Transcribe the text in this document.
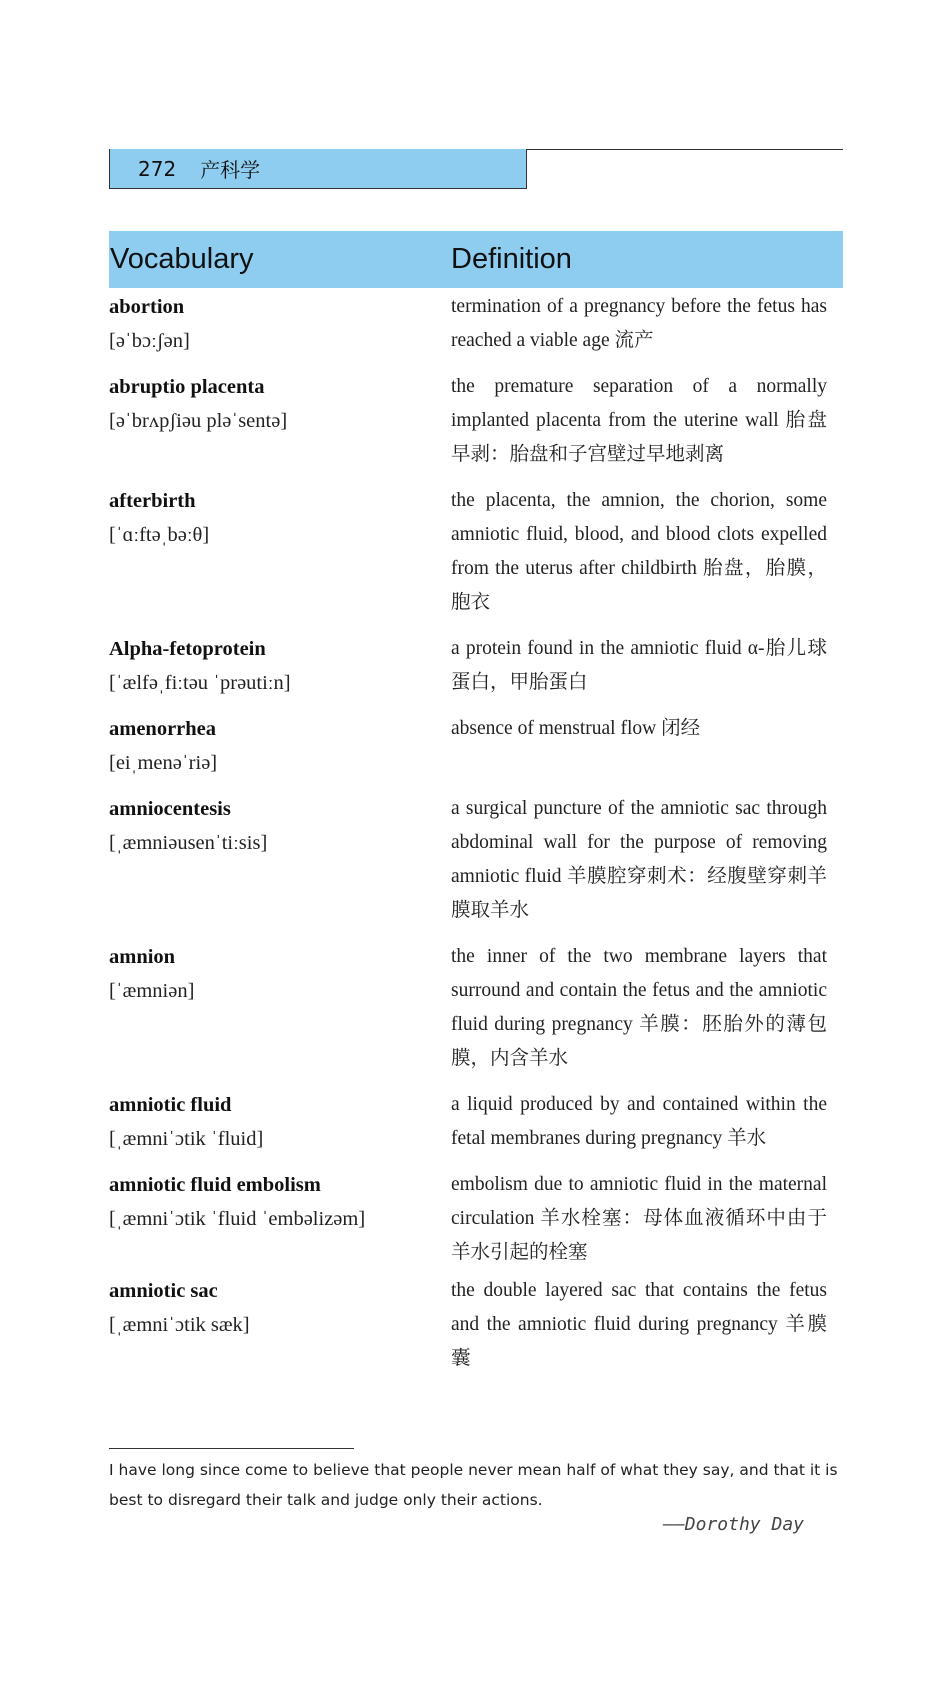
272 产科学
Vocabulary	Definition
abortion
[əˈbɔːʃən]
termination of a pregnancy before the fetus has reached a viable age 流产
abruptio placenta
[əˈbrʌpʃiəu pləˈsentə]
the premature separation of a normally implanted placenta from the uterine wall 胎盘早剥：胎盘和子宫壁过早地剥离
afterbirth
[ˈɑːftəˌbəːθ]
the placenta, the amnion, the chorion, some amniotic fluid, blood, and blood clots expelled from the uterus after childbirth 胎盘，胎膜，胞衣
Alpha-fetoprotein
[ˈælfəˌfiːtəu ˈprəutiːn]
a protein found in the amniotic fluid α-胎儿球蛋白，甲胎蛋白
amenorrhea
[eiˌmenəˈriə]
absence of menstrual flow 闭经
amniocentesis
[ˌæmniəusenˈtiːsis]
a surgical puncture of the amniotic sac through abdominal wall for the purpose of removing amniotic fluid 羊膜腔穿刺术：经腹壁穿刺羊膜取羊水
amnion
[ˈæmniən]
the inner of the two membrane layers that surround and contain the fetus and the amniotic fluid during pregnancy 羊膜：胚胎外的薄包膜，内含羊水
amniotic fluid
[ˌæmniˈɔtik ˈfluid]
a liquid produced by and contained within the fetal membranes during pregnancy 羊水
amniotic fluid embolism
[ˌæmniˈɔtik ˈfluid ˈembəlizəm]
embolism due to amniotic fluid in the maternal circulation 羊水栓塞：母体血液循环中由于羊水引起的栓塞
amniotic sac
[ˌæmniˈɔtik sæk]
the double layered sac that contains the fetus and the amniotic fluid during pregnancy 羊膜囊
I have long since come to believe that people never mean half of what they say, and that it is best to disregard their talk and judge only their actions.
——Dorothy Day
